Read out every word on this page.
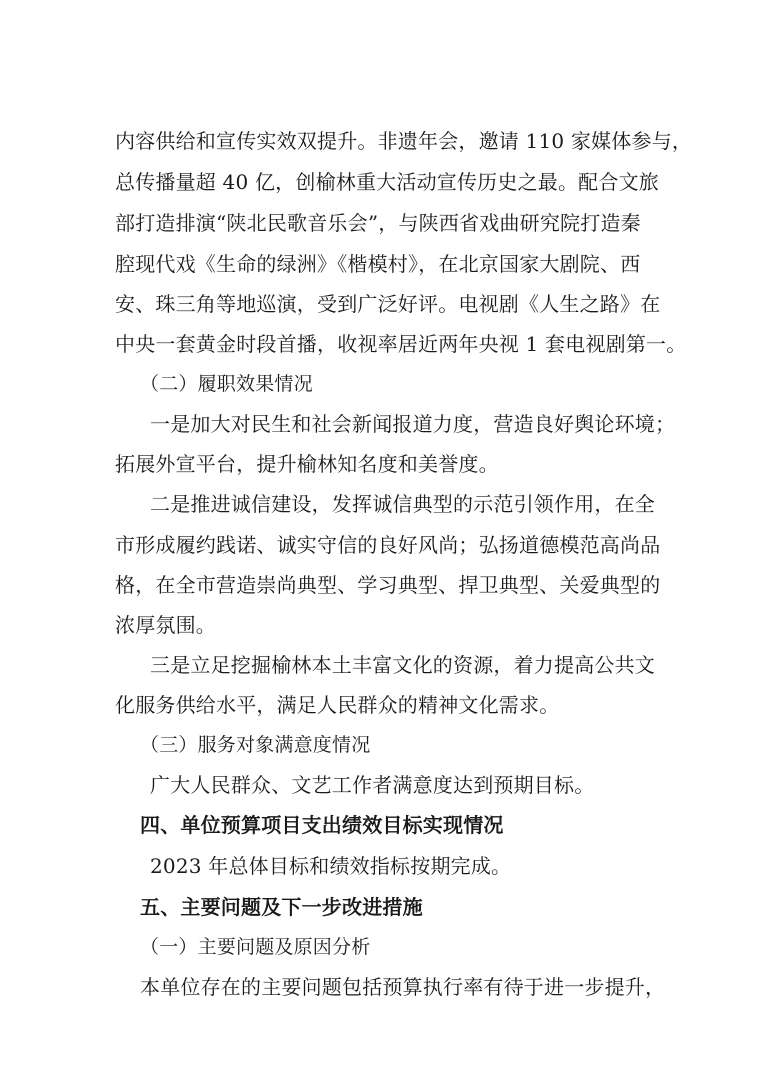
内容供给和宣传实效双提升。非遗年会，邀请 110 家媒体参与，
总传播量超 40 亿，创榆林重大活动宣传历史之最。配合文旅
部打造排演“陕北民歌音乐会”，与陕西省戏曲研究院打造秦
腔现代戏《生命的绿洲》《楷模村》，在北京国家大剧院、西
安、珠三角等地巡演，受到广泛好评。电视剧《人生之路》在
中央一套黄金时段首播，收视率居近两年央视 1 套电视剧第一。
（二）履职效果情况
一是加大对民生和社会新闻报道力度，营造良好舆论环境；
拓展外宣平台，提升榆林知名度和美誉度。
二是推进诚信建设，发挥诚信典型的示范引领作用，在全
市形成履约践诺、诚实守信的良好风尚；弘扬道德模范高尚品
格，在全市营造崇尚典型、学习典型、捍卫典型、关爱典型的
浓厚氛围。
三是立足挖掘榆林本土丰富文化的资源，着力提高公共文
化服务供给水平，满足人民群众的精神文化需求。
（三）服务对象满意度情况
广大人民群众、文艺工作者满意度达到预期目标。
四、单位预算项目支出绩效目标实现情况
2023 年总体目标和绩效指标按期完成。
五、主要问题及下一步改进措施
（一）主要问题及原因分析
本单位存在的主要问题包括预算执行率有待于进一步提升，
